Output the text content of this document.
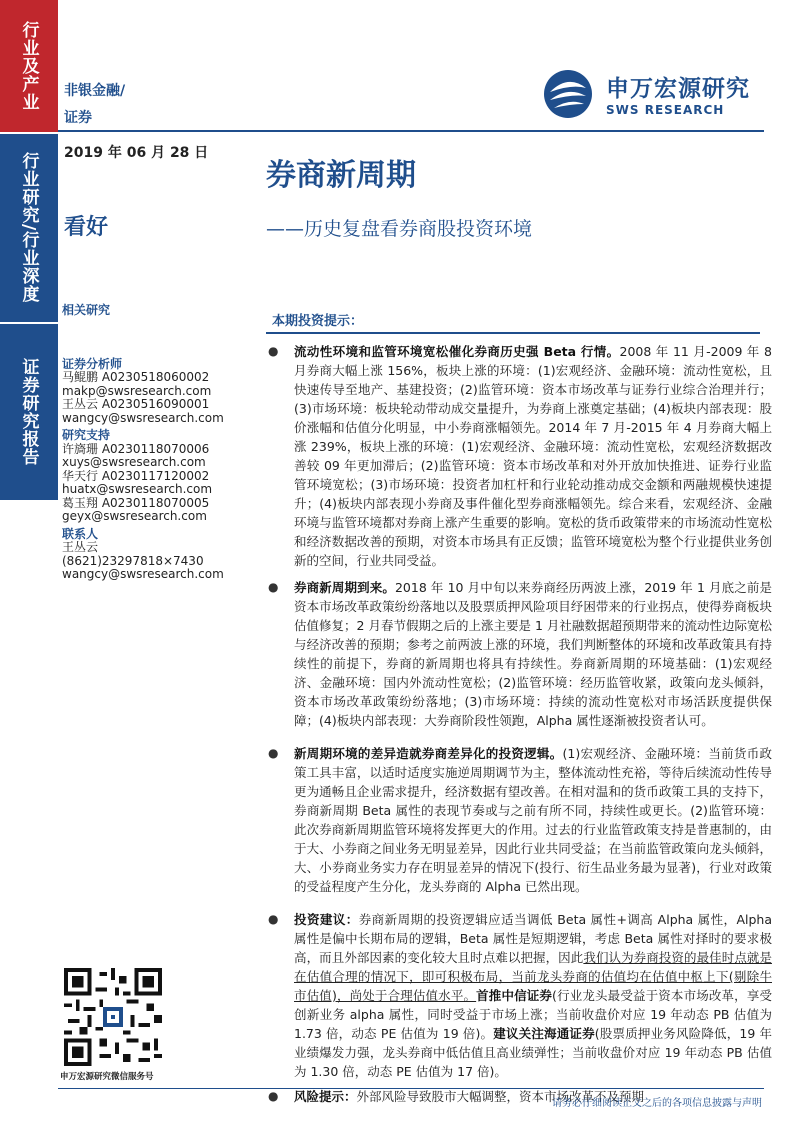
行业及产业
行业研究/行业深度
证券研究报告
非银金融/
证券
申万宏源研究
SWS RESEARCH
2019 年 06 月 28 日
看好
券商新周期
——历史复盘看券商股投资环境
相关研究
证券分析师
马鲲鹏 A0230518060002
makp@swsresearch.com
王丛云 A0230516090001
wangcy@swsresearch.com
研究支持
许旖珊 A0230118070006
xuys@swsresearch.com
华天行 A0230117120002
huatx@swsresearch.com
葛玉翔 A0230118070005
geyx@swsresearch.com
联系人
王丛云
(8621)23297818×7430
wangcy@swsresearch.com
本期投资提示：
● 流动性环境和监管环境宽松催化券商历史强 Beta 行情。2008 年 11 月-2009 年 8 月券商大幅上涨 156%，板块上涨的环境：(1)宏观经济、金融环境：流动性宽松，且快速传导至地产、基建投资；(2)监管环境：资本市场改革与证券行业综合治理并行；(3)市场环境：板块轮动带动成交量提升，为券商上涨奠定基础；(4)板块内部表现：股价涨幅和估值分化明显，中小券商涨幅领先。2014 年 7 月-2015 年 4 月券商大幅上涨 239%，板块上涨的环境：(1)宏观经济、金融环境：流动性宽松，宏观经济数据改善较 09 年更加滞后；(2)监管环境：资本市场改革和对外开放加快推进、证券行业监管环境宽松；(3)市场环境：投资者加杠杆和行业轮动推动成交金额和两融规模快速提升；(4)板块内部表现小券商及事件催化型券商涨幅领先。综合来看，宏观经济、金融环境与监管环境都对券商上涨产生重要的影响。宽松的货币政策带来的市场流动性宽松和经济数据改善的预期，对资本市场具有正反馈；监管环境宽松为整个行业提供业务创新的空间，行业共同受益。
● 券商新周期到来。2018 年 10 月中旬以来券商经历两波上涨，2019 年 1 月底之前是资本市场改革政策纷纷落地以及股票质押风险项目纾困带来的行业拐点，使得券商板块估值修复；2 月春节假期之后的上涨主要是 1 月社融数据超预期带来的流动性边际宽松与经济改善的预期；参考之前两波上涨的环境，我们判断整体的环境和改革政策具有持续性的前提下，券商的新周期也将具有持续性。券商新周期的环境基础：(1)宏观经济、金融环境：国内外流动性宽松；(2)监管环境：经历监管收紧，政策向龙头倾斜，资本市场改革政策纷纷落地；(3)市场环境：持续的流动性宽松对市场活跃度提供保障；(4)板块内部表现：大券商阶段性领跑，Alpha 属性逐渐被投资者认可。
● 新周期环境的差异造就券商差异化的投资逻辑。(1)宏观经济、金融环境：当前货币政策工具丰富，以适时适度实施逆周期调节为主，整体流动性充裕，等待后续流动性传导更为通畅且企业需求提升，经济数据有望改善。在相对温和的货币政策工具的支持下，券商新周期 Beta 属性的表现节奏或与之前有所不同，持续性或更长。(2)监管环境：此次券商新周期监管环境将发挥更大的作用。过去的行业监管政策支持是普惠制的，由于大、小券商之间业务无明显差异，因此行业共同受益；在当前监管政策向龙头倾斜，大、小券商业务实力存在明显差异的情况下(投行、衍生品业务最为显著)，行业对政策的受益程度产生分化，龙头券商的 Alpha 已然出现。
● 投资建议：券商新周期的投资逻辑应适当调低 Beta 属性+调高 Alpha 属性，Alpha 属性是偏中长期布局的逻辑，Beta 属性是短期逻辑，考虑 Beta 属性对择时的要求极高，而且外部因素的变化较大且时点难以把握，因此我们认为券商投资的最佳时点就是在估值合理的情况下，即可积极布局，当前龙头券商的估值均在估值中枢上下(剔除牛市估值)，尚处于合理估值水平。首推中信证券(行业龙头最受益于资本市场改革，享受创新业务 alpha 属性，同时受益于市场上涨；当前收盘价对应 19 年动态 PB 估值为 1.73 倍，动态 PE 估值为 19 倍)。建议关注海通证券(股票质押业务风险降低，19 年业绩爆发力强，龙头券商中低估值且高业绩弹性；当前收盘价对应 19 年动态 PB 估值为 1.30 倍，动态 PE 估值为 17 倍)。
● 风险提示：外部风险导致股市大幅调整，资本市场改革不及预期
申万宏源研究微信服务号
请务必仔细阅读正文之后的各项信息披露与声明
